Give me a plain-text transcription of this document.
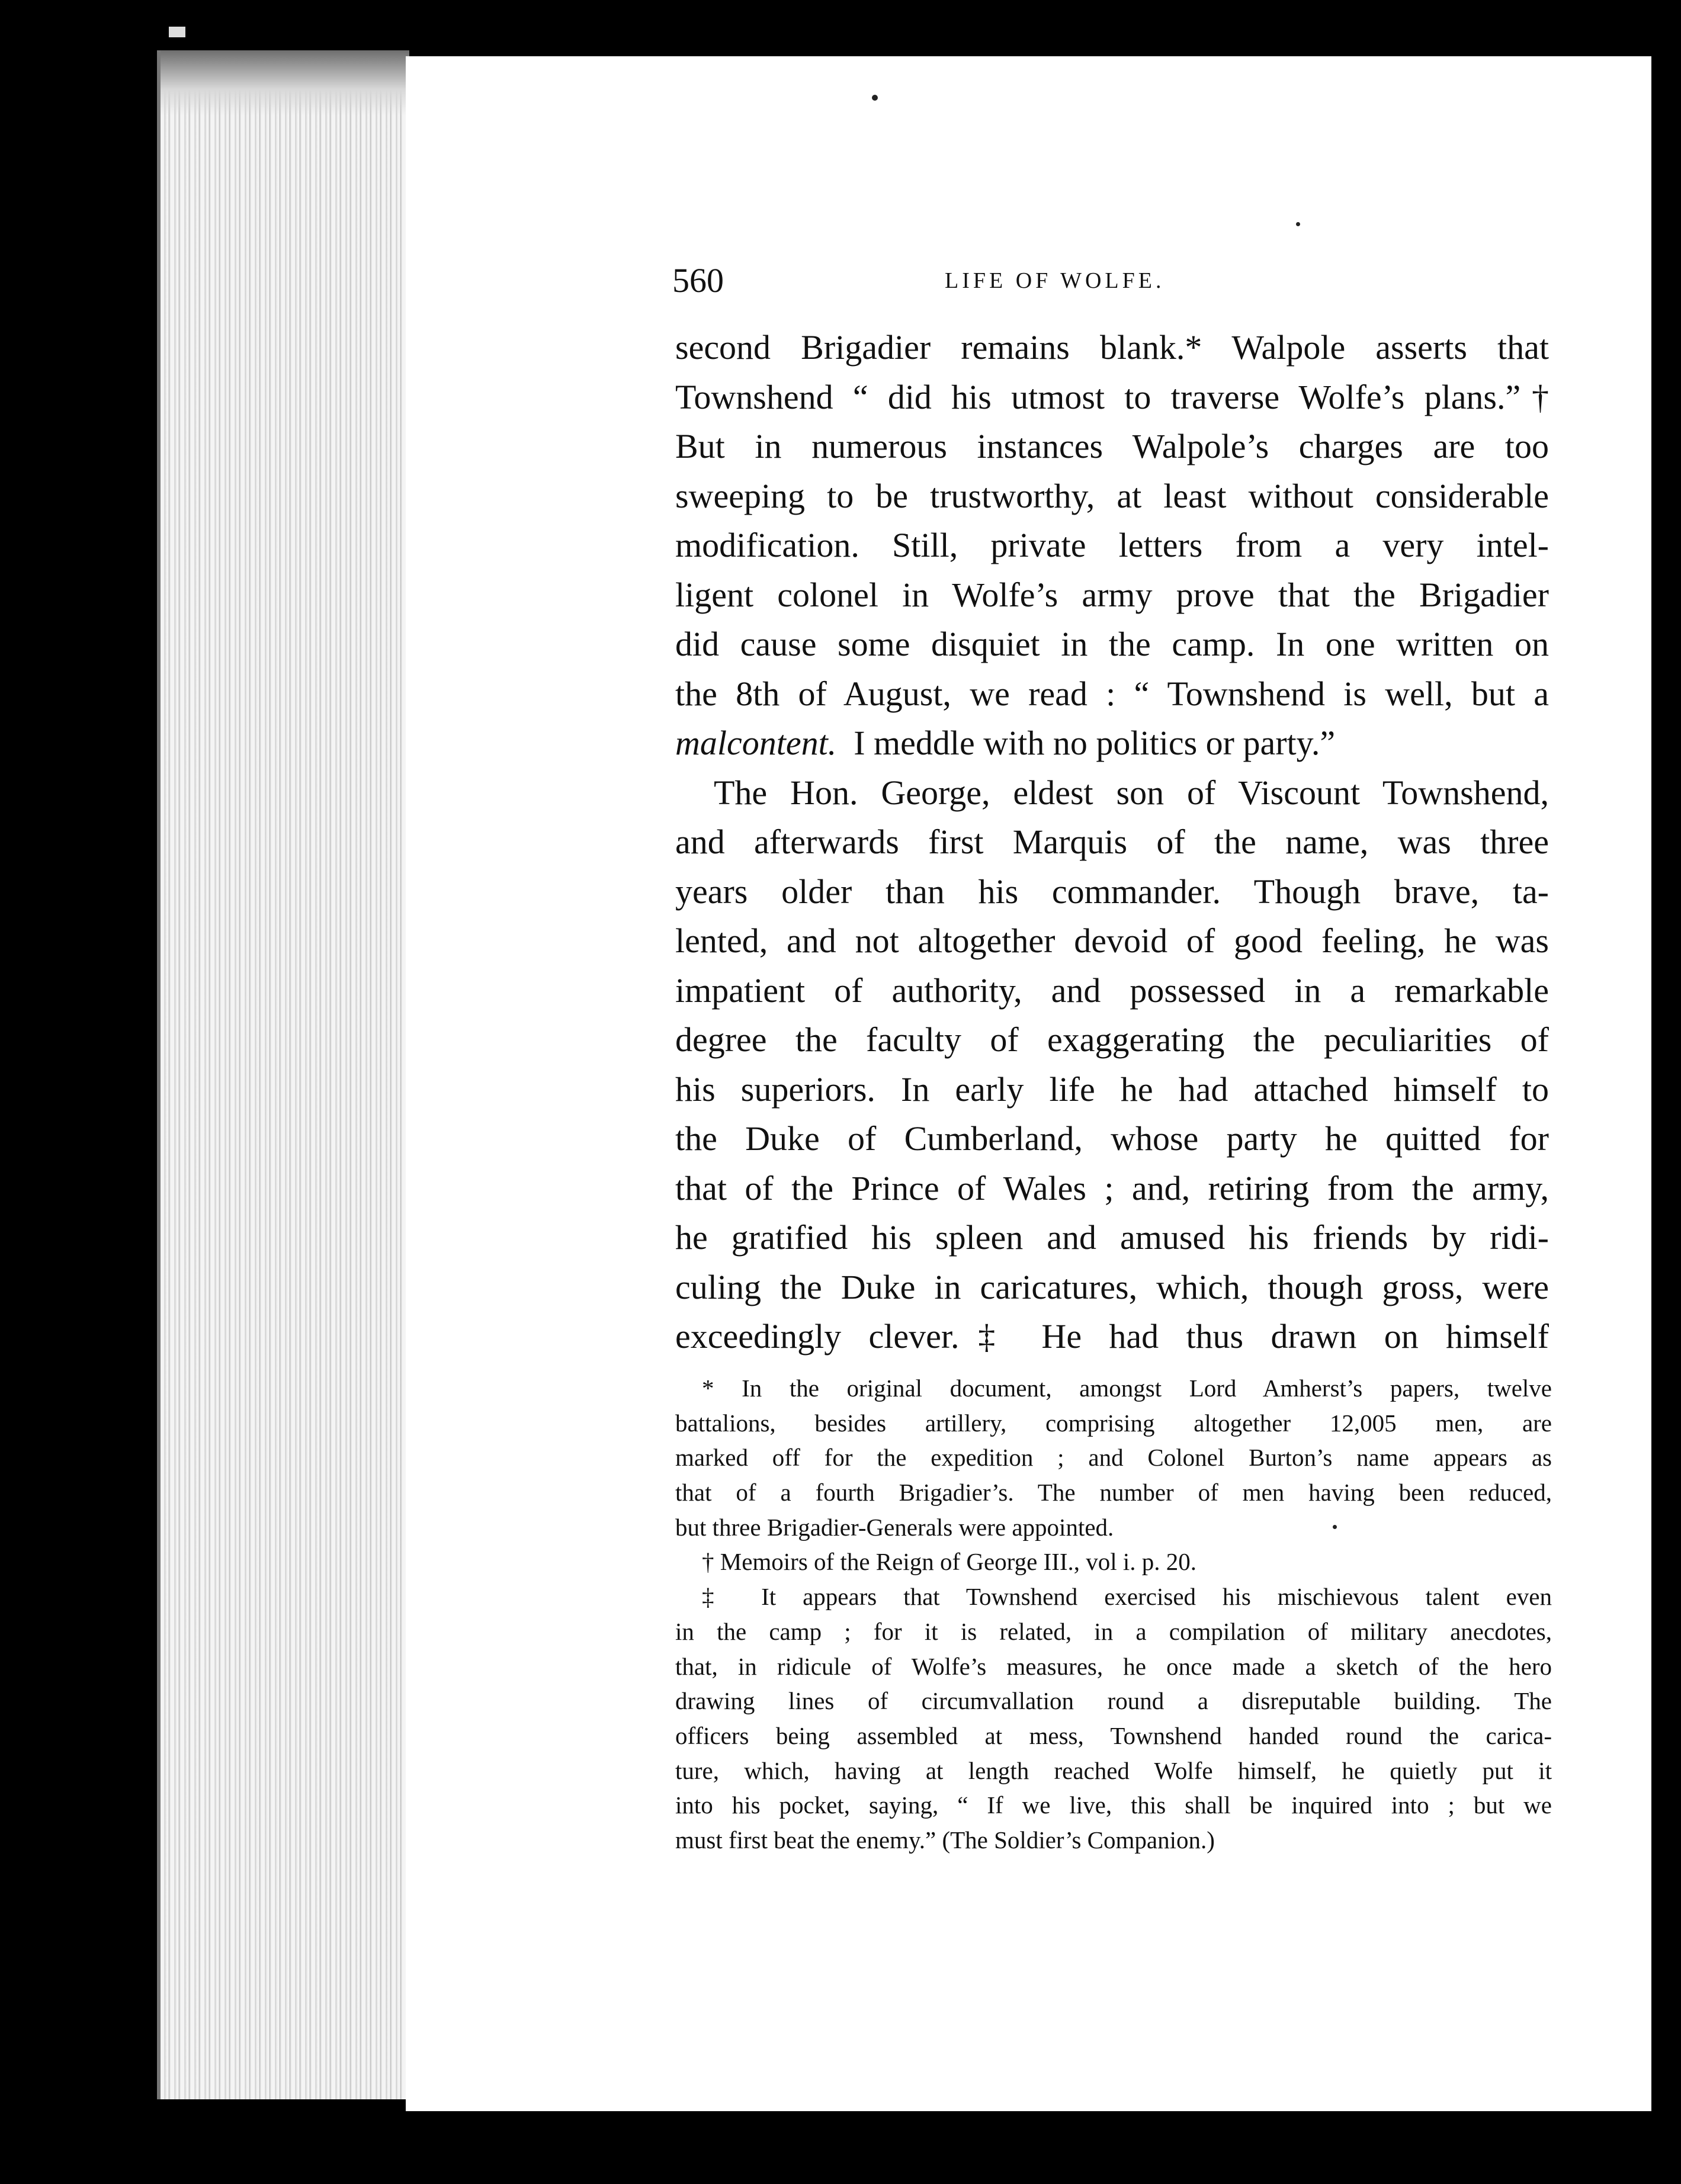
560	LIFE OF WOLFE.
second Brigadier remains blank.* Walpole asserts that
Townshend “ did his utmost to traverse Wolfe’s plans.”†
But in numerous instances Walpole’s charges are too
sweeping to be trustworthy, at least without considerable
modification. Still, private letters from a very intel-
ligent colonel in Wolfe’s army prove that the Brigadier
did cause some disquiet in the camp. In one written on
the 8th of August, we read : “ Townshend is well, but a
malcontent. I meddle with no politics or party.”
The Hon. George, eldest son of Viscount Townshend,
and afterwards first Marquis of the name, was three
years older than his commander. Though brave, ta-
lented, and not altogether devoid of good feeling, he was
impatient of authority, and possessed in a remarkable
degree the faculty of exaggerating the peculiarities of
his superiors. In early life he had attached himself to
the Duke of Cumberland, whose party he quitted for
that of the Prince of Wales ; and, retiring from the army,
he gratified his spleen and amused his friends by ridi-
culing the Duke in caricatures, which, though gross, were
exceedingly clever.‡ He had thus drawn on himself
* In the original document, amongst Lord Amherst’s papers, twelve
battalions, besides artillery, comprising altogether 12,005 men, are
marked off for the expedition ; and Colonel Burton’s name appears as
that of a fourth Brigadier’s. The number of men having been reduced,
but three Brigadier-Generals were appointed.
† Memoirs of the Reign of George III., vol i. p. 20.
‡ It appears that Townshend exercised his mischievous talent even
in the camp ; for it is related, in a compilation of military anecdotes,
that, in ridicule of Wolfe’s measures, he once made a sketch of the hero
drawing lines of circumvallation round a disreputable building. The
officers being assembled at mess, Townshend handed round the carica-
ture, which, having at length reached Wolfe himself, he quietly put it
into his pocket, saying, “ If we live, this shall be inquired into ; but we
must first beat the enemy.” (The Soldier’s Companion.)
